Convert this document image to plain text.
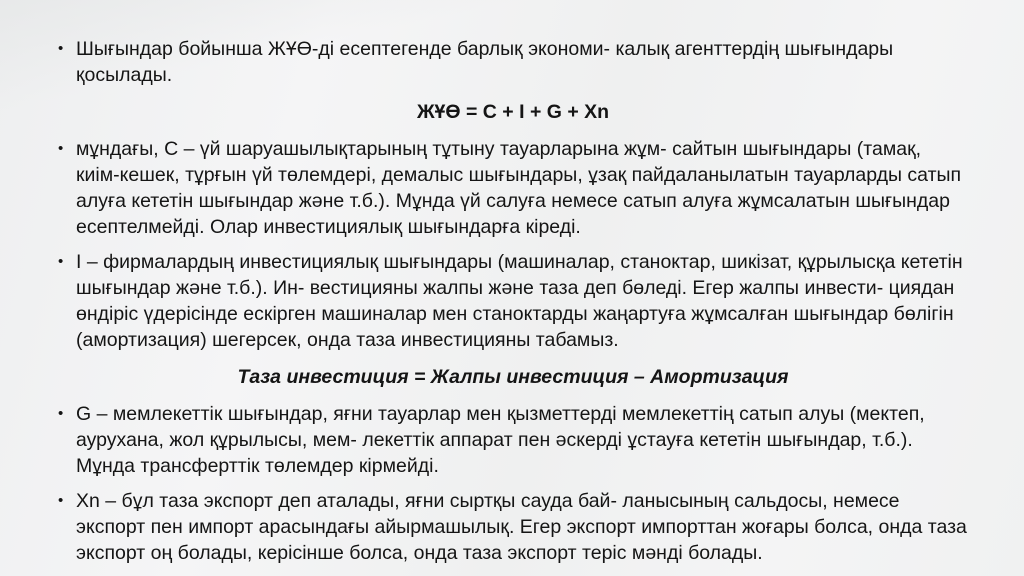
• Шығындар бойынша ЖҰӨ-ді есептегенде барлық экономи- калық агенттердің шығындары қосылады.

ЖҰӨ = C + I + G + Xn
• мұндағы, С – үй шаруашылықтарының тұтыну тауарларына жұм- сайтын шығындары (тамақ, киім-кешек, тұрғын үй төлемдері, демалыс шығындары, ұзақ пайдаланылатын тауарларды сатып алуға кететін шығындар және т.б.). Мұнда үй салуға немесе сатып алуға жұмсалатын шығындар есептелмейді. Олар инвестициялық шығындарға кіреді.

• I – фирмалардың инвестициялық шығындары (машиналар, станоктар, шикізат, құрылысқа кететін шығындар және т.б.). Ин- вестицияны жалпы және таза деп бөледі. Егер жалпы инвести- циядан өндіріс үдерісінде ескірген машиналар мен станоктарды жаңартуға жұмсалған шығындар бөлігін (амортизация) шегерсек, онда таза инвестицияны табамыз.

Таза инвестиция = Жалпы инвестиция – Амортизация
• G – мемлекеттік шығындар, яғни тауарлар мен қызметтерді мемлекеттің сатып алуы (мектеп, аурухана, жол құрылысы, мем- лекеттік аппарат пен әскерді ұстауға кететін шығындар, т.б.). Мұнда трансферттік төлемдер кірмейді.

• Xn – бұл таза экспорт деп аталады, яғни сыртқы сауда бай- ланысының сальдосы, немесе экспорт пен импорт арасындағы айырмашылық. Егер экспорт импорттан жоғары болса, онда таза экспорт оң болады, керісінше болса, онда таза экспорт теріс мәнді болады.
